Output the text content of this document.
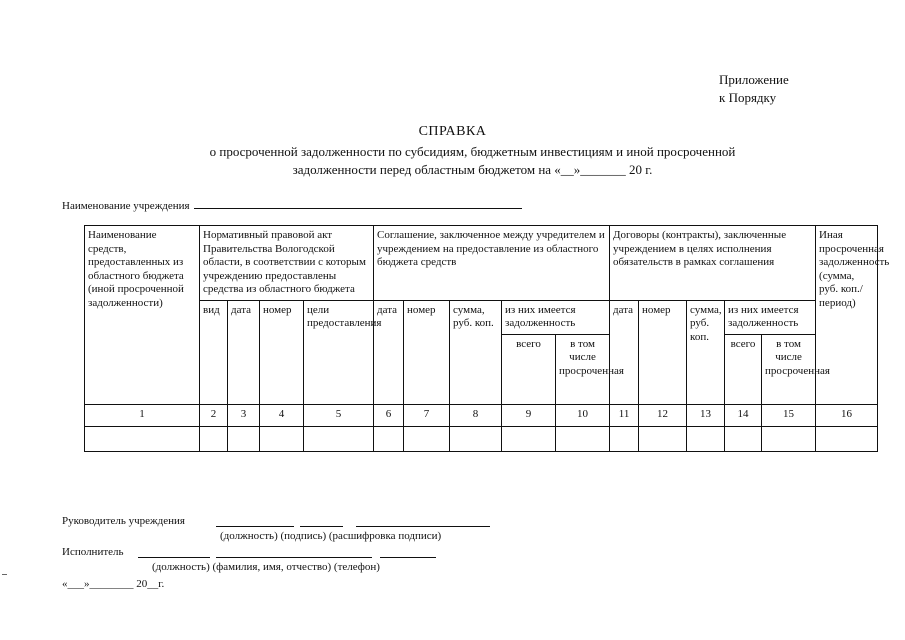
Приложение
к Порядку
СПРАВКА
о просроченной задолженности по субсидиям, бюджетным инвестициям и иной просроченной
задолженности перед областным бюджетом на «__»_______ 20 г.
Наименование учреждения
Наименование средств, предоставленных из областного бюджета (иной просроченной задолженности)	Нормативный правовой акт Правительства Вологодской области, в соответствии с которым учреждению предоставлены средства из областного бюджета				Соглашение, заключенное между учредителем и учреждением на предоставление из областного бюджета средств					Договоры (контракты), заключенные учреждением в целях исполнения обязательств в рамках соглашения					Иная просроченная задолженность (сумма, руб. коп./ период)
	вид	дата	номер	цели предоставления	дата	номер	сумма, руб. коп.	из них имеется задолженность		дата	номер	сумма, руб. коп.	из них имеется задолженность		
								всего	в том числе просроченная				всего	в том числе просроченная	
1	2	3	4	5	6	7	8	9	10	11	12	13	14	15	16

Руководитель учреждения
(должность) (подпись) (расшифровка подписи)
Исполнитель
(должность) (фамилия, имя, отчество) (телефон)
«___»________ 20__г.
